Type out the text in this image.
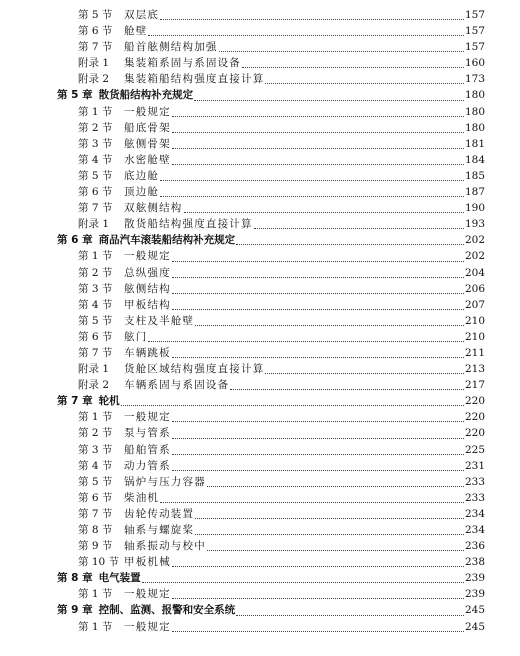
第 5 节 双层底	157
第 6 节 舱壁	157
第 7 节 船首舷侧结构加强	157
附录 1 集装箱系固与系固设备	160
附录 2 集装箱船结构强度直接计算	173
第 5 章 散货船结构补充规定	180
第 1 节 一般规定	180
第 2 节 船底骨架	180
第 3 节 舷侧骨架	181
第 4 节 水密舱壁	184
第 5 节 底边舱	185
第 6 节 顶边舱	187
第 7 节 双舷侧结构	190
附录 1 散货船结构强度直接计算	193
第 6 章 商品汽车滚装船结构补充规定	202
第 1 节 一般规定	202
第 2 节 总纵强度	204
第 3 节 舷侧结构	206
第 4 节 甲板结构	207
第 5 节 支柱及半舱壁	210
第 6 节 舷门	210
第 7 节 车辆跳板	211
附录 1 货舱区域结构强度直接计算	213
附录 2 车辆系固与系固设备	217
第 7 章 轮机	220
第 1 节 一般规定	220
第 2 节 泵与管系	220
第 3 节 船舶管系	225
第 4 节 动力管系	231
第 5 节 锅炉与压力容器	233
第 6 节 柴油机	233
第 7 节 齿轮传动装置	234
第 8 节 轴系与螺旋桨	234
第 9 节 轴系振动与校中	236
第 10 节 甲板机械	238
第 8 章 电气装置	239
第 1 节 一般规定	239
第 9 章 控制、监测、报警和安全系统	245
第 1 节 一般规定	245
